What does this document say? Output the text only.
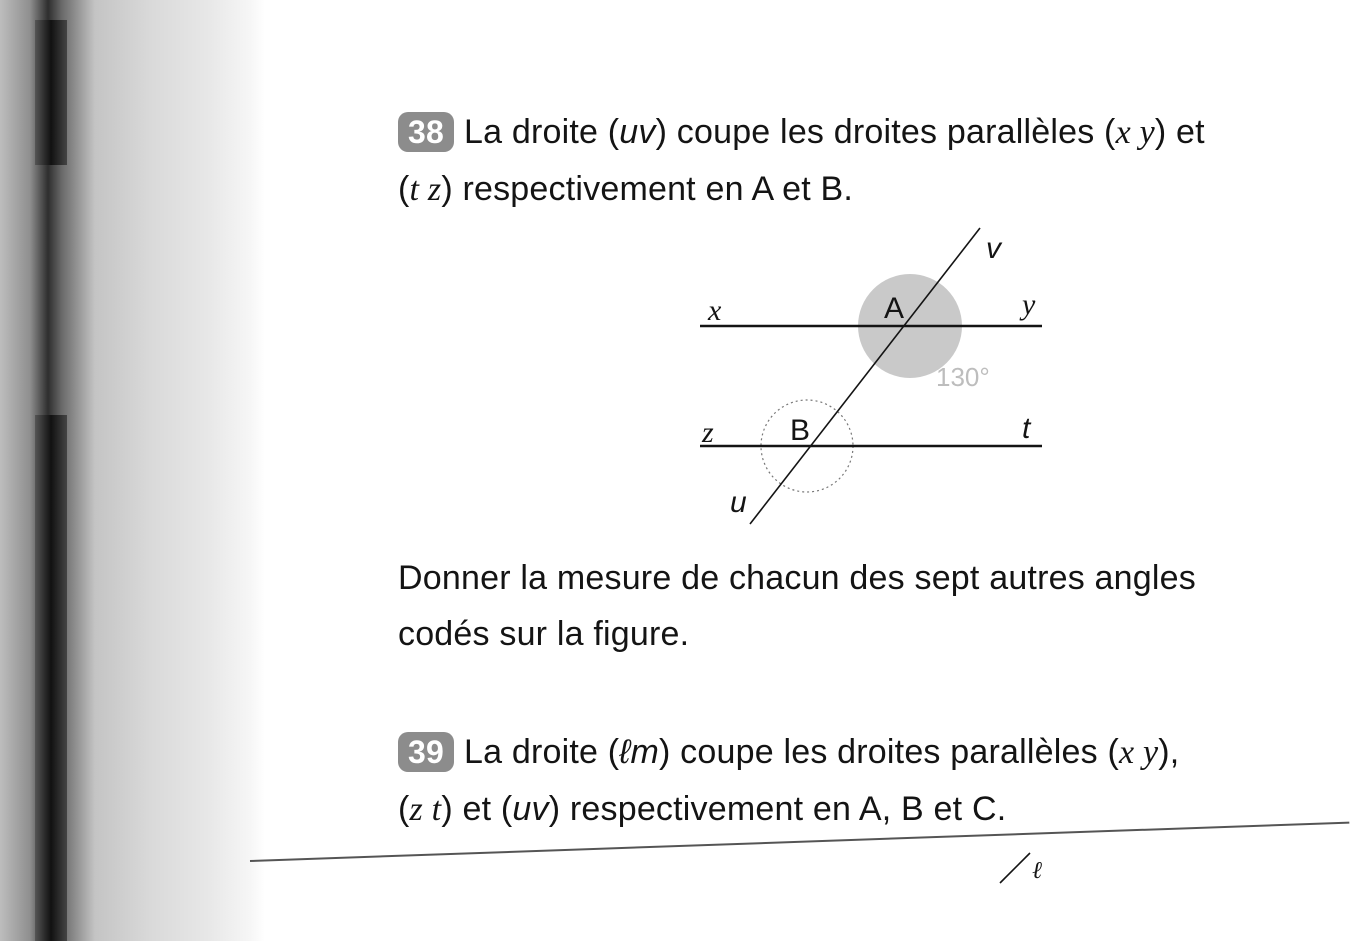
38 La droite (uv) coupe les droites parallèles (x y) et
(t z) respectivement en A et B.
v
x	A	y
130°
z	B	t
u
Donner la mesure de chacun des sept autres angles
codés sur la figure.
39 La droite (ℓm) coupe les droites parallèles (x y),
(z t) et (uv) respectivement en A, B et C.
ℓ
